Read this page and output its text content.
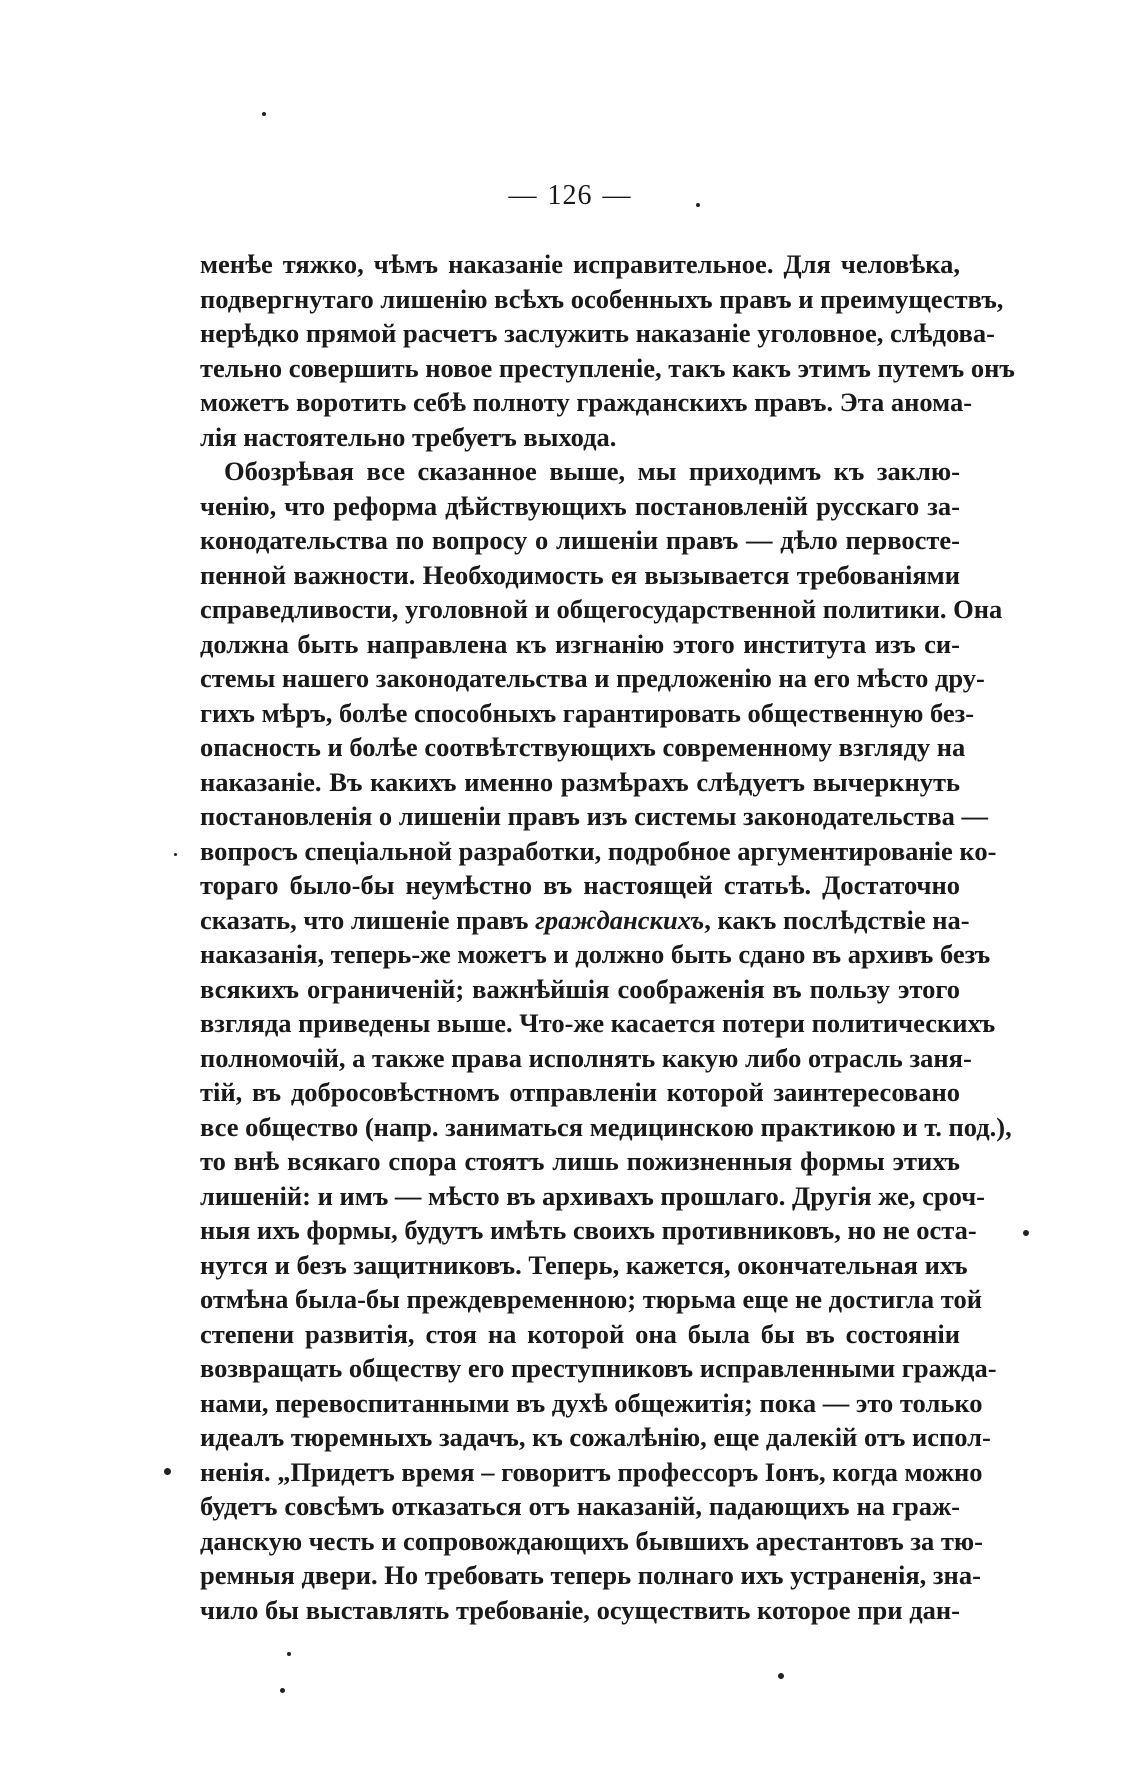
— 126 —
менѣе тяжко, чѣмъ наказаніе исправительное. Для человѣка,
подвергнутаго лишенію всѣхъ особенныхъ правъ и преимуществъ,
нерѣдко прямой расчетъ заслужить наказаніе уголовное, слѣдова-
тельно совершить новое преступленіе, такъ какъ этимъ путемъ онъ
можетъ воротить себѣ полноту гражданскихъ правъ. Эта анома-
лія настоятельно требуетъ выхода.
Обозрѣвая все сказанное выше, мы приходимъ къ заклю-
ченію, что реформа дѣйствующихъ постановленій русскаго за-
конодательства по вопросу о лишеніи правъ — дѣло первосте-
пенной важности. Необходимость ея вызывается требованіями
справедливости, уголовной и общегосударственной политики. Она
должна быть направлена къ изгнанію этого института изъ си-
стемы нашего законодательства и предложенію на его мѣсто дру-
гихъ мѣръ, болѣе способныхъ гарантировать общественную без-
опасность и болѣе соотвѣтствующихъ современному взгляду на
наказаніе. Въ какихъ именно размѣрахъ слѣдуетъ вычеркнуть
постановленія о лишеніи правъ изъ системы законодательства —
вопросъ спеціальной разработки, подробное аргументированіе ко-
тораго было-бы неумѣстно въ настоящей статьѣ. Достаточно
сказать, что лишеніе правъ гражданскихъ, какъ послѣдствіе на-
наказанія, теперь-же можетъ и должно быть сдано въ архивъ безъ
всякихъ ограниченій; важнѣйшія соображенія въ пользу этого
взгляда приведены выше. Что-же касается потери политическихъ
полномочій, а также права исполнять какую либо отрасль заня-
тій, въ добросовѣстномъ отправленіи которой заинтересовано
все общество (напр. заниматься медицинскою практикою и т. под.),
то внѣ всякаго спора стоятъ лишь пожизненныя формы этихъ
лишеній: и имъ — мѣсто въ архивахъ прошлаго. Другія же, сроч-
ныя ихъ формы, будутъ имѣть своихъ противниковъ, но не оста-
нутся и безъ защитниковъ. Теперь, кажется, окончательная ихъ
отмѣна была-бы преждевременною; тюрьма еще не достигла той
степени развитія, стоя на которой она была бы въ состояніи
возвращать обществу его преступниковъ исправленными гражда-
нами, перевоспитанными въ духѣ общежитія; пока — это только
идеалъ тюремныхъ задачъ, къ сожалѣнію, еще далекій отъ испол-
ненія. „Придетъ время – говоритъ профессоръ Іонъ, когда можно
будетъ совсѣмъ отказаться отъ наказаній, падающихъ на граж-
данскую честь и сопровождающихъ бывшихъ арестантовъ за тю-
ремныя двери. Но требовать теперь полнаго ихъ устраненія, зна-
чило бы выставлять требованіе, осуществить которое при дан-
